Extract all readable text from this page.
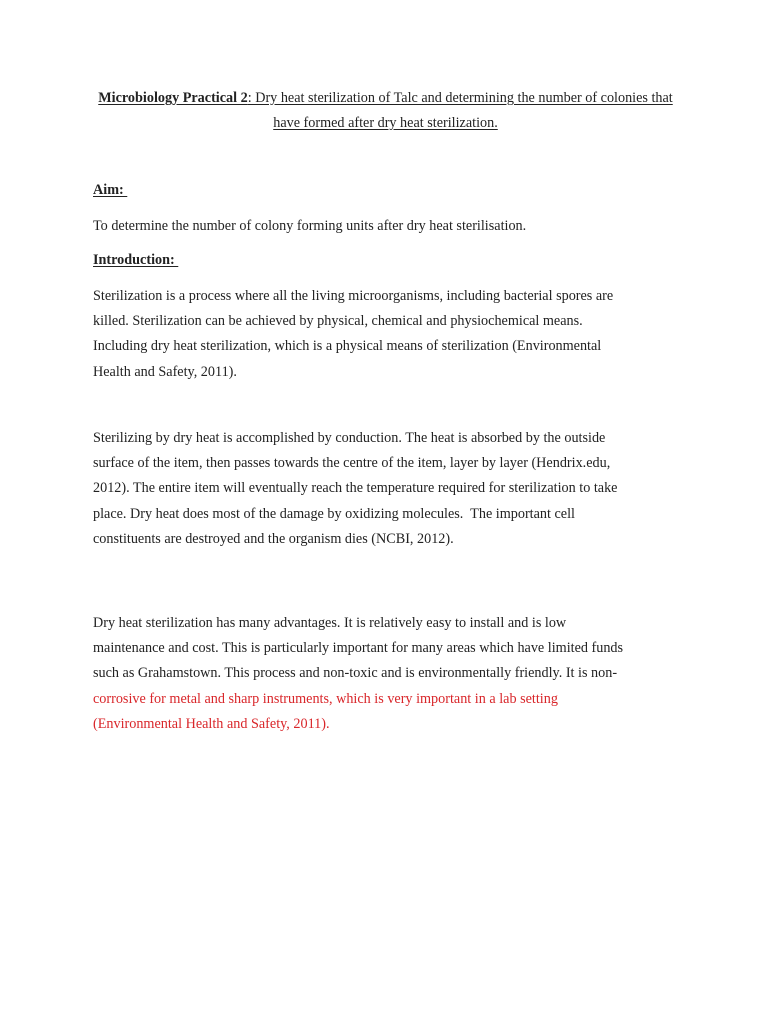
Microbiology Practical 2: Dry heat sterilization of Talc and determining the number of colonies that have formed after dry heat sterilization.
Aim:
To determine the number of colony forming units after dry heat sterilisation.
Introduction:
Sterilization is a process where all the living microorganisms, including bacterial spores are
killed. Sterilization can be achieved by physical, chemical and physiochemical means.
Including dry heat sterilization, which is a physical means of sterilization (Environmental
Health and Safety, 2011).
Sterilizing by dry heat is accomplished by conduction. The heat is absorbed by the outside
surface of the item, then passes towards the centre of the item, layer by layer (Hendrix.edu,
2012). The entire item will eventually reach the temperature required for sterilization to take
place. Dry heat does most of the damage by oxidizing molecules.  The important cell
constituents are destroyed and the organism dies (NCBI, 2012).
Dry heat sterilization has many advantages. It is relatively easy to install and is low
maintenance and cost. This is particularly important for many areas which have limited funds
such as Grahamstown. This process and non-toxic and is environmentally friendly. It is non-
corrosive for metal and sharp instruments, which is very important in a lab setting
(Environmental Health and Safety, 2011).
